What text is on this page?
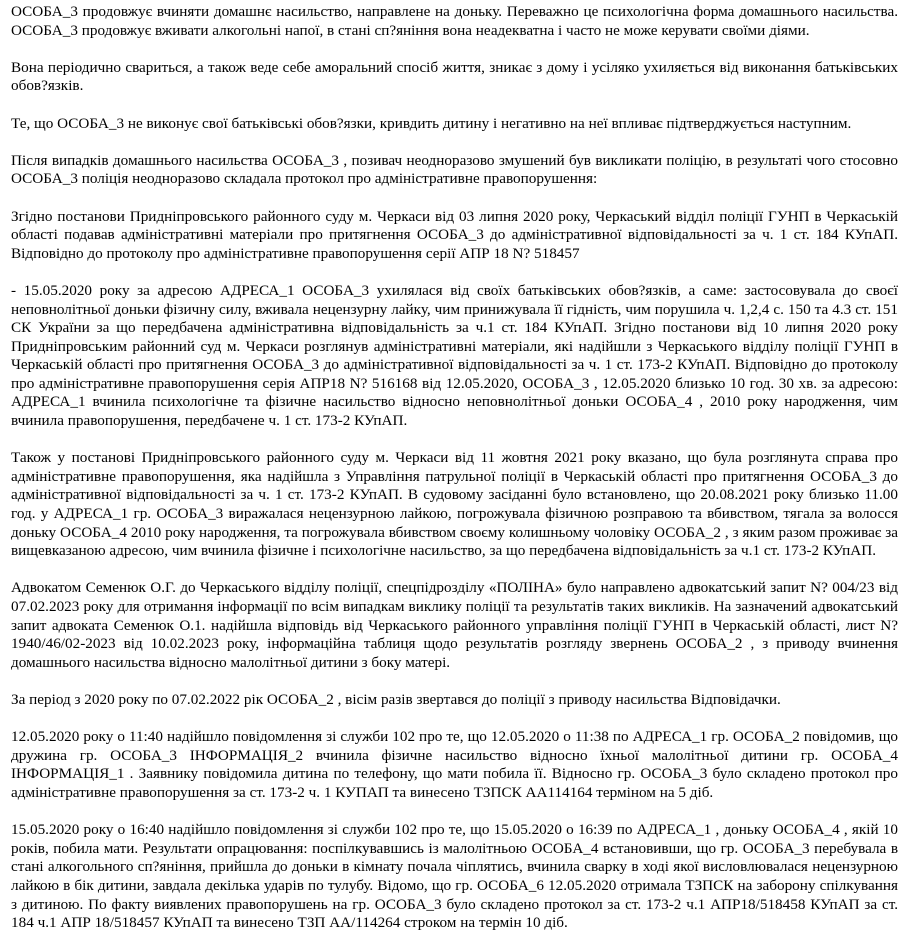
ОСОБА_3 продовжує вчиняти домашнє насильство, направлене на доньку. Переважно це психологічна форма домашнього насильства. ОСОБА_3 продовжує вживати алкогольні напої, в стані сп?яніння вона неадекватна і часто не може керувати своїми діями.

Вона періодично свариться, а також веде себе аморальний спосіб життя, зникає з дому і усіляко ухиляється від виконання батьківських обов?язків.

Те, що ОСОБА_3 не виконує свої батьківські обов?язки, кривдить дитину і негативно на неї впливає підтверджується наступним.

Після випадків домашнього насильства ОСОБА_3 , позивач неодноразово змушений був викликати поліцію, в результаті чого стосовно ОСОБА_3 поліція неодноразово складала протокол про адміністративне правопорушення:

Згідно постанови Придніпровського районного суду м. Черкаси від 03 липня 2020 року, Черкаський відділ поліції ГУНП в Черкаській області подавав адміністративні матеріали про притягнення ОСОБА_3 до адміністративної відповідальності за ч. 1 ст. 184 КУпАП. Відповідно до протоколу про адміністративне правопорушення серії АПР 18 N? 518457

- 15.05.2020 року за адресою АДРЕСА_1 ОСОБА_3 ухилялася від своїх батьківських обов?язків, а саме: застосовувала до своєї неповнолітньої доньки фізичну силу, вживала нецензурну лайку, чим принижувала її гідність, чим порушила ч. 1,2,4 с. 150 та 4.3 ст. 151 СК України за що передбачена адміністративна відповідальність за ч.1 ст. 184 КУпАП. Згідно постанови від 10 липня 2020 року Придніпровським районний суд м. Черкаси розглянув адміністративні матеріали, які надійшли з Черкаського відділу поліції ГУНП в Черкаській області про притягнення ОСОБА_3 до адміністративної відповідальності за ч. 1 ст. 173-2 КУпАП. Відповідно до протоколу про адміністративне правопорушення серія АПР18 N? 516168 від 12.05.2020, ОСОБА_3 , 12.05.2020 близько 10 год. 30 хв. за адресою: АДРЕСА_1 вчинила психологічне та фізичне насильство відносно неповнолітньої доньки ОСОБА_4 , 2010 року народження, чим вчинила правопорушення, передбачене ч. 1 ст. 173-2 КУпАП.

Також у постанові Придніпровського районного суду м. Черкаси від 11 жовтня 2021 року вказано, що була розглянута справа про адміністративне правопорушення, яка надійшла з Управління патрульної поліції в Черкаській області про притягнення ОСОБА_3 до адміністративної відповідальності за ч. 1 ст. 173-2 КУпАП. В судовому засіданні було встановлено, що 20.08.2021 року близько 11.00 год. у АДРЕСА_1 гр. ОСОБА_3 виражалася нецензурною лайкою, погрожувала фізичною розправою та вбивством, тягала за волосся доньку ОСОБА_4 2010 року народження, та погрожувала вбивством своєму колишньому чоловіку ОСОБА_2 , з яким разом проживає за вищевказаною адресою, чим вчинила фізичне і психологічне насильство, за що передбачена відповідальність за ч.1 ст. 173-2 КУпАП.

Адвокатом Семенюк О.Г. до Черкаського відділу поліції, спецпідрозділу «ПОЛІНА» було направлено адвокатський запит N? 004/23 від 07.02.2023 року для отримання інформації по всім випадкам виклику поліції та результатів таких викликів. На зазначений адвокатський запит адвоката Семенюк О.1. надійшла відповідь від Черкаського районного управління поліції ГУНП в Черкаській області, лист N? 1940/46/02-2023 від 10.02.2023 року, інформаційна таблиця щодо результатів розгляду звернень ОСОБА_2 , з приводу вчинення домашнього насильства відносно малолітньої дитини з боку матері.

За період з 2020 року по 07.02.2022 рік ОСОБА_2 , вісім разів звертався до поліції з приводу насильства Відповідачки.

12.05.2020 року о 11:40 надійшло повідомлення зі служби 102 про те, що 12.05.2020 о 11:38 по АДРЕСА_1 гр. ОСОБА_2 повідомив, що дружина гр. ОСОБА_3 ІНФОРМАЦІЯ_2 вчинила фізичне насильство відносно їхньої малолітньої дитини гр. ОСОБА_4 ІНФОРМАЦІЯ_1 . Заявнику повідомила дитина по телефону, що мати побила її. Відносно гр. ОСОБА_3 було складено протокол про адміністративне правопорушення за ст. 173-2 ч. 1 КУПАП та винесено ТЗПСК АА114164 терміном на 5 діб.

15.05.2020 року о 16:40 надійшло повідомлення зі служби 102 про те, що 15.05.2020 о 16:39 по АДРЕСА_1 , доньку ОСОБА_4 , якій 10 років, побила мати. Результати опрацювання: поспілкувавшись із малолітньою ОСОБА_4 встановивши, що гр. ОСОБА_3 перебувала в стані алкогольного сп?яніння, прийшла до доньки в кімнату почала чіплятись, вчинила сварку в ході якої висловлювалася нецензурною лайкою в бік дитини, завдала декілька ударів по тулубу. Відомо, що гр. ОСОБА_6 12.05.2020 отримала ТЗПСК на заборону спілкування з дитиною. По факту виявлених правопорушень на гр. ОСОБА_3 було складено протокол за ст. 173-2 ч.1 АПР18/518458 КУпАП за ст. 184 ч.1 АПР 18/518457 КУпАП та винесено ТЗП АА/114264 строком на термін 10 діб.
